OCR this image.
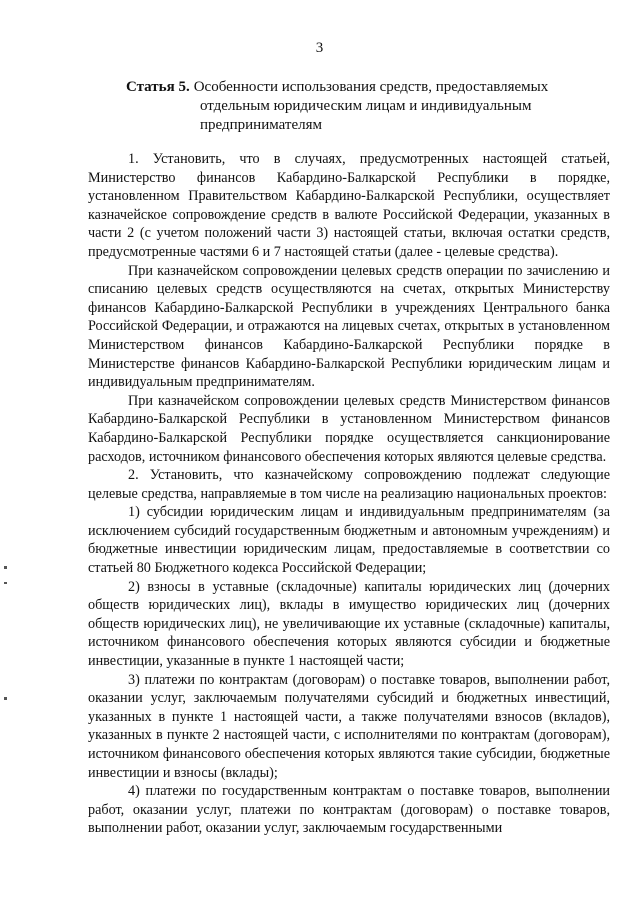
3
Статья 5. Особенности использования средств, предоставляемых
отдельным юридическим лицам и индивидуальным
предпринимателям

1. Установить, что в случаях, предусмотренных настоящей статьей, Министерство финансов Кабардино-Балкарской Республики в порядке, установленном Правительством Кабардино-Балкарской Республики, осуществляет казначейское сопровождение средств в валюте Российской Федерации, указанных в части 2 (с учетом положений части 3) настоящей статьи, включая остатки средств, предусмотренные частями 6 и 7 настоящей статьи (далее - целевые средства).

При казначейском сопровождении целевых средств операции по зачислению и списанию целевых средств осуществляются на счетах, открытых Министерству финансов Кабардино-Балкарской Республики в учреждениях Центрального банка Российской Федерации, и отражаются на лицевых счетах, открытых в установленном Министерством финансов Кабардино-Балкарской Республики порядке в Министерстве финансов Кабардино-Балкарской Республики юридическим лицам и индивидуальным предпринимателям.

При казначейском сопровождении целевых средств Министерством финансов Кабардино-Балкарской Республики в установленном Министерством финансов Кабардино-Балкарской Республики порядке осуществляется санкционирование расходов, источником финансового обеспечения которых являются целевые средства.

2. Установить, что казначейскому сопровождению подлежат следующие целевые средства, направляемые в том числе на реализацию национальных проектов:

1) субсидии юридическим лицам и индивидуальным предпринимателям (за исключением субсидий государственным бюджетным и автономным учреждениям) и бюджетные инвестиции юридическим лицам, предоставляемые в соответствии со статьей 80 Бюджетного кодекса Российской Федерации;

2) взносы в уставные (складочные) капиталы юридических лиц (дочерних обществ юридических лиц), вклады в имущество юридических лиц (дочерних обществ юридических лиц), не увеличивающие их уставные (складочные) капиталы, источником финансового обеспечения которых являются субсидии и бюджетные инвестиции, указанные в пункте 1 настоящей части;

3) платежи по контрактам (договорам) о поставке товаров, выполнении работ, оказании услуг, заключаемым получателями субсидий и бюджетных инвестиций, указанных в пункте 1 настоящей части, а также получателями взносов (вкладов), указанных в пункте 2 настоящей части, с исполнителями по контрактам (договорам), источником финансового обеспечения которых являются такие субсидии, бюджетные инвестиции и взносы (вклады);

4) платежи по государственным контрактам о поставке товаров, выполнении работ, оказании услуг, платежи по контрактам (договорам) о поставке товаров, выполнении работ, оказании услуг, заключаемым государственными
